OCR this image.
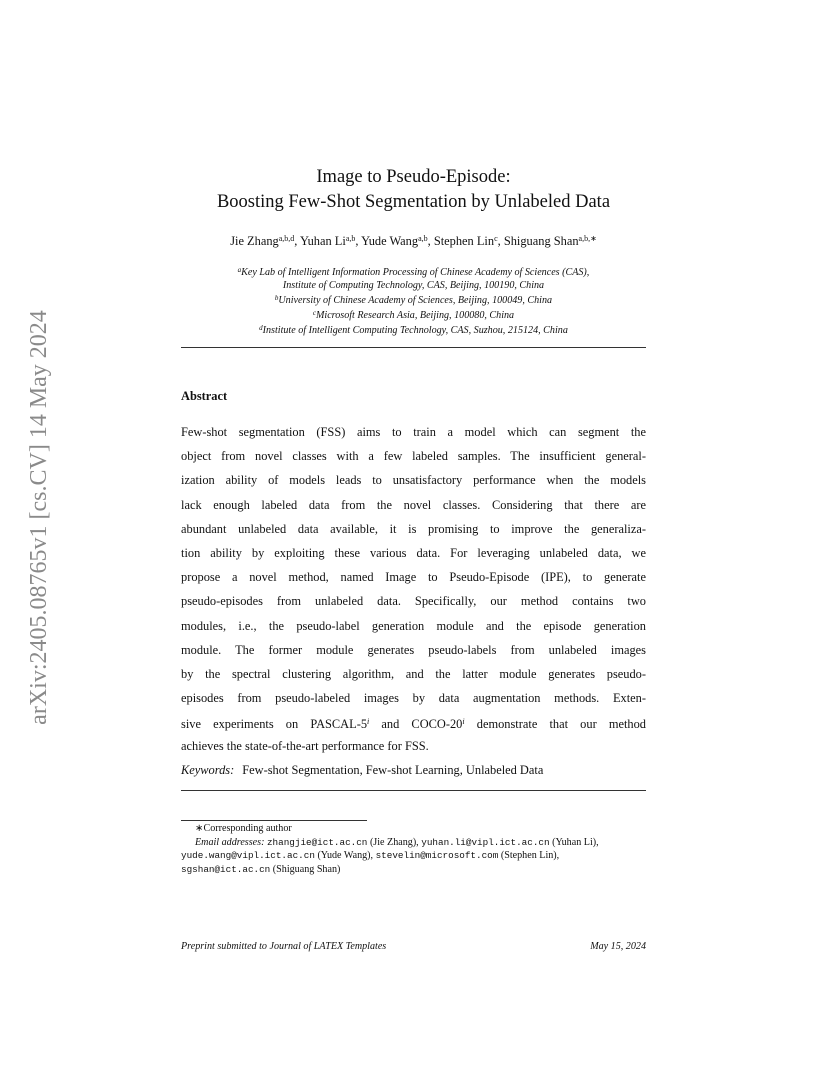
arXiv:2405.08765v1 [cs.CV] 14 May 2024
Image to Pseudo-Episode:
Boosting Few-Shot Segmentation by Unlabeled Data
Jie Zhang$^{a,b,d}$, Yuhan Li$^{a,b}$, Yude Wang$^{a,b}$, Stephen Lin$^c$, Shiguang Shan$^{a,b,∗}$
$^a$Key Lab of Intelligent Information Processing of Chinese Academy of Sciences (CAS),
Institute of Computing Technology, CAS, Beijing, 100190, China
$^b$University of Chinese Academy of Sciences, Beijing, 100049, China
$^c$Microsoft Research Asia, Beijing, 100080, China
$^d$Institute of Intelligent Computing Technology, CAS, Suzhou, 215124, China
Abstract
Few-shot segmentation (FSS) aims to train a model which can segment the
object from novel classes with a few labeled samples. The insufficient general-
ization ability of models leads to unsatisfactory performance when the models
lack enough labeled data from the novel classes. Considering that there are
abundant unlabeled data available, it is promising to improve the generaliza-
tion ability by exploiting these various data. For leveraging unlabeled data, we
propose a novel method, named Image to Pseudo-Episode (IPE), to generate
pseudo-episodes from unlabeled data. Specifically, our method contains two
modules, i.e., the pseudo-label generation module and the episode generation
module. The former module generates pseudo-labels from unlabeled images
by the spectral clustering algorithm, and the latter module generates pseudo-
episodes from pseudo-labeled images by data augmentation methods. Exten-
sive experiments on PASCAL-5$^i$ and COCO-20$^i$ demonstrate that our method
achieves the state-of-the-art performance for FSS.
Keywords: Few-shot Segmentation, Few-shot Learning, Unlabeled Data
∗Corresponding author
Email addresses: zhangjie@ict.ac.cn (Jie Zhang), yuhan.li@vipl.ict.ac.cn (Yuhan Li), yude.wang@vipl.ict.ac.cn (Yude Wang), stevelin@microsoft.com (Stephen Lin), sgshan@ict.ac.cn (Shiguang Shan)
Preprint submitted to Journal of LATEX Templates	May 15, 2024
